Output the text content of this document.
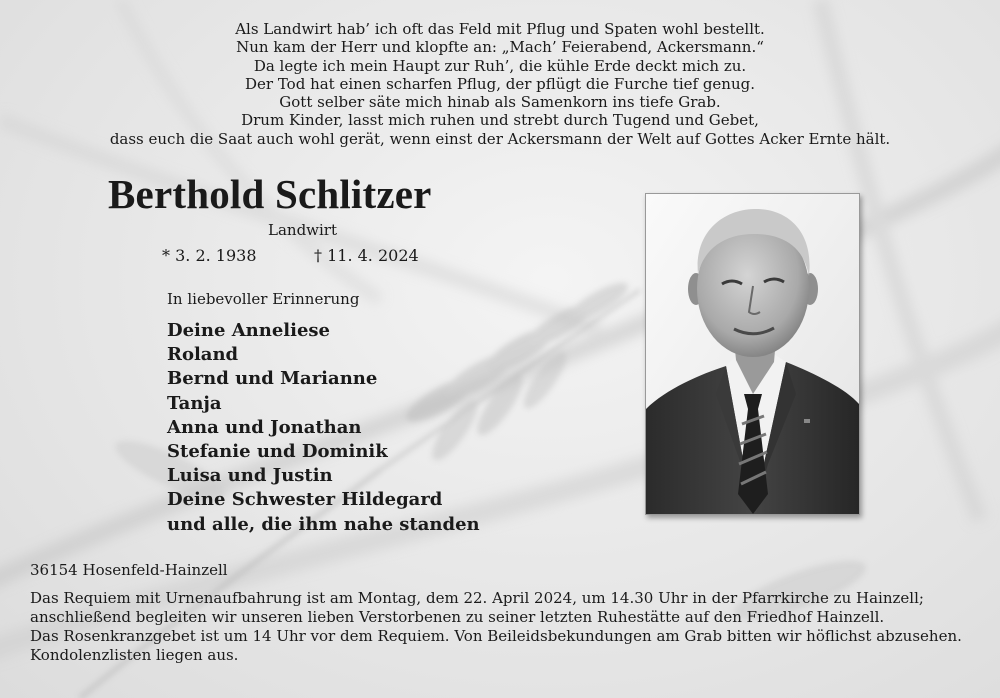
Als Landwirt hab’ ich oft das Feld mit Pflug und Spaten wohl bestellt.
Nun kam der Herr und klopfte an: „Mach’ Feierabend, Ackersmann.“
Da legte ich mein Haupt zur Ruh’, die kühle Erde deckt mich zu.
Der Tod hat einen scharfen Pflug, der pflügt die Furche tief genug.
Gott selber säte mich hinab als Samenkorn ins tiefe Grab.
Drum Kinder, lasst mich ruhen und strebt durch Tugend und Gebet,
dass euch die Saat auch wohl gerät, wenn einst der Ackersmann der Welt auf Gottes Acker Ernte hält.
Berthold Schlitzer
Landwirt
* 3. 2. 1938	† 11. 4. 2024
In liebevoller Erinnerung
Deine Anneliese
Roland
Bernd und Marianne
Tanja
Anna und Jonathan
Stefanie und Dominik
Luisa und Justin
Deine Schwester Hildegard
und alle, die ihm nahe standen
36154 Hosenfeld-Hainzell
Das Requiem mit Urnenaufbahrung ist am Montag, dem 22. April 2024, um 14.30 Uhr in der Pfarrkirche zu Hainzell;
anschließend begleiten wir unseren lieben Verstorbenen zu seiner letzten Ruhestätte auf den Friedhof Hainzell.
Das Rosenkranzgebet ist um 14 Uhr vor dem Requiem. Von Beileidsbekundungen am Grab bitten wir höflichst abzusehen.
Kondolenzlisten liegen aus.
